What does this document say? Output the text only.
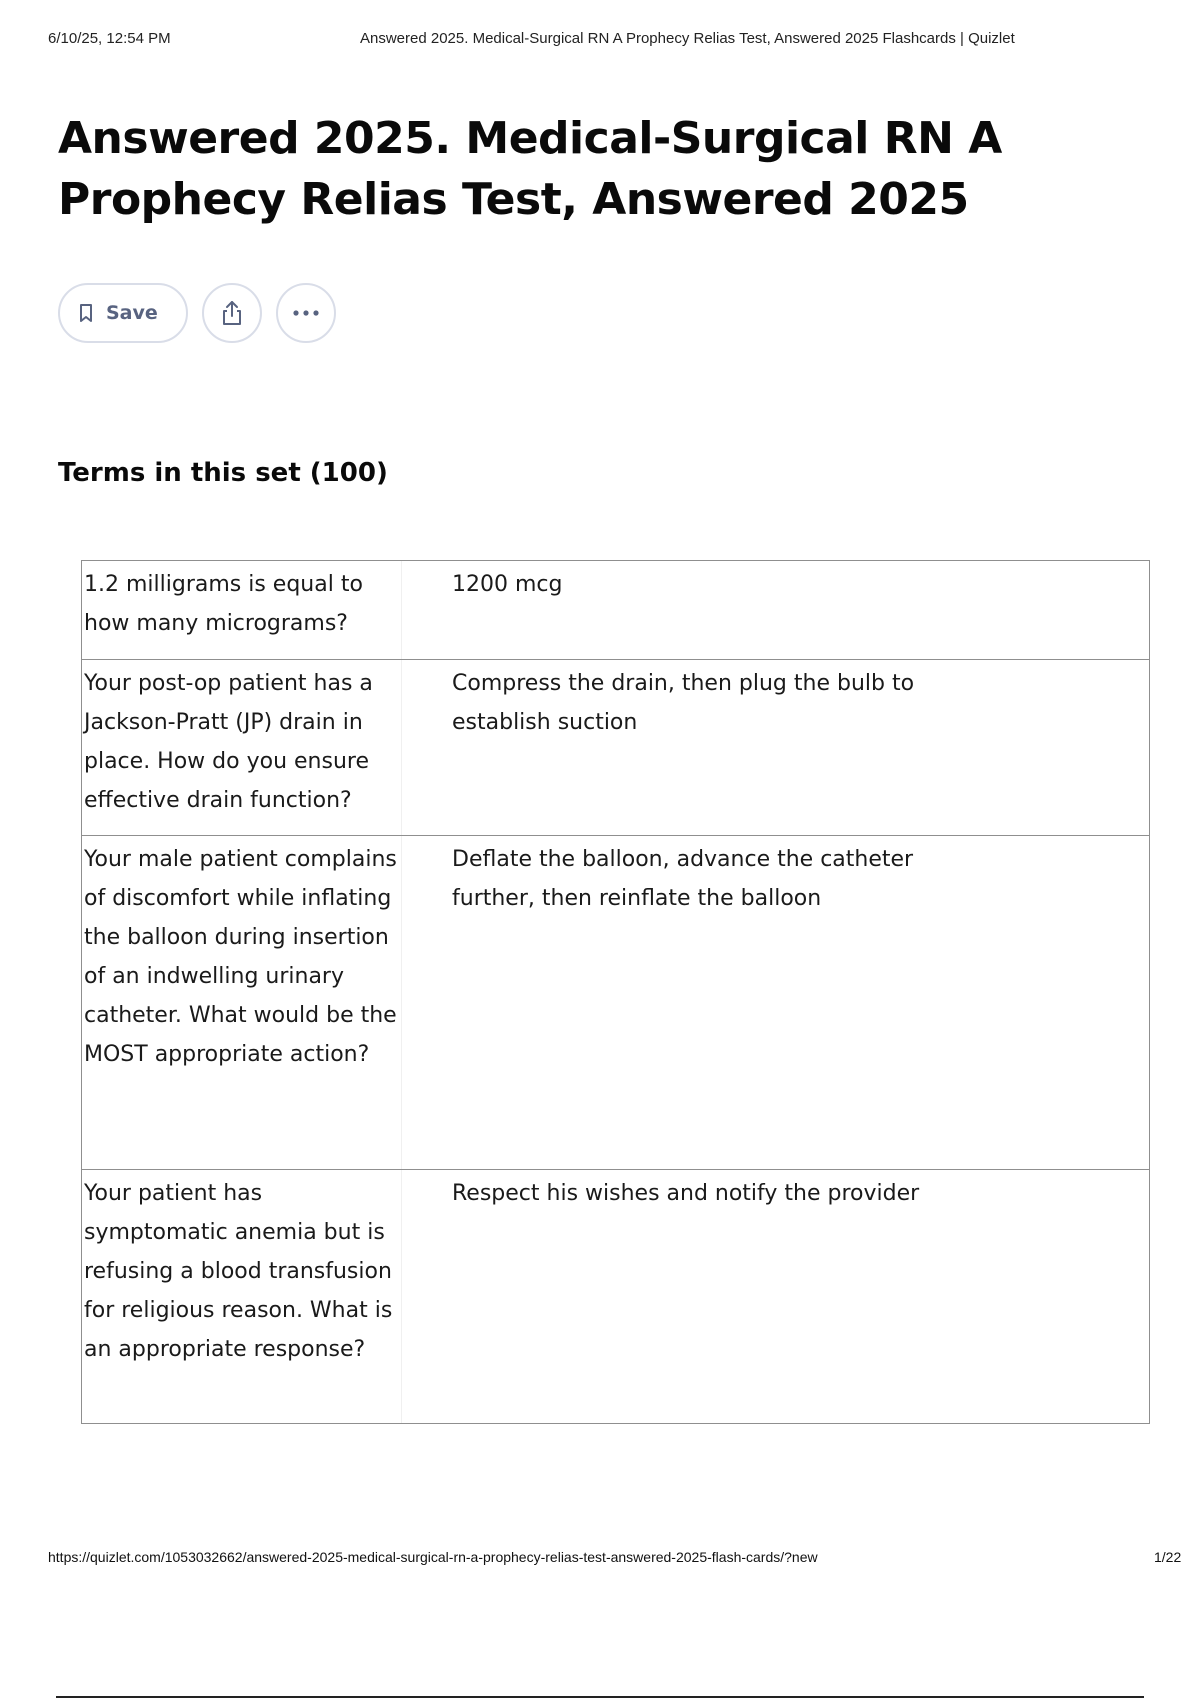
6/10/25, 12:54 PM	Answered 2025. Medical-Surgical RN A Prophecy Relias Test, Answered 2025 Flashcards | Quizlet
Answered 2025. Medical-Surgical RN A Prophecy Relias Test, Answered 2025
Save
Terms in this set (100)
1.2 milligrams is equal to how many micrograms?
1200 mcg
Your post-op patient has a Jackson-Pratt (JP) drain in place. How do you ensure effective drain function?
Compress the drain, then plug the bulb to establish suction
Your male patient complains of discomfort while inflating the balloon during insertion of an indwelling urinary catheter. What would be the MOST appropriate action?
Deflate the balloon, advance the catheter further, then reinflate the balloon
Your patient has symptomatic anemia but is refusing a blood transfusion for religious reason. What is an appropriate response?
Respect his wishes and notify the provider
https://quizlet.com/1053032662/answered-2025-medical-surgical-rn-a-prophecy-relias-test-answered-2025-flash-cards/?new	1/22
